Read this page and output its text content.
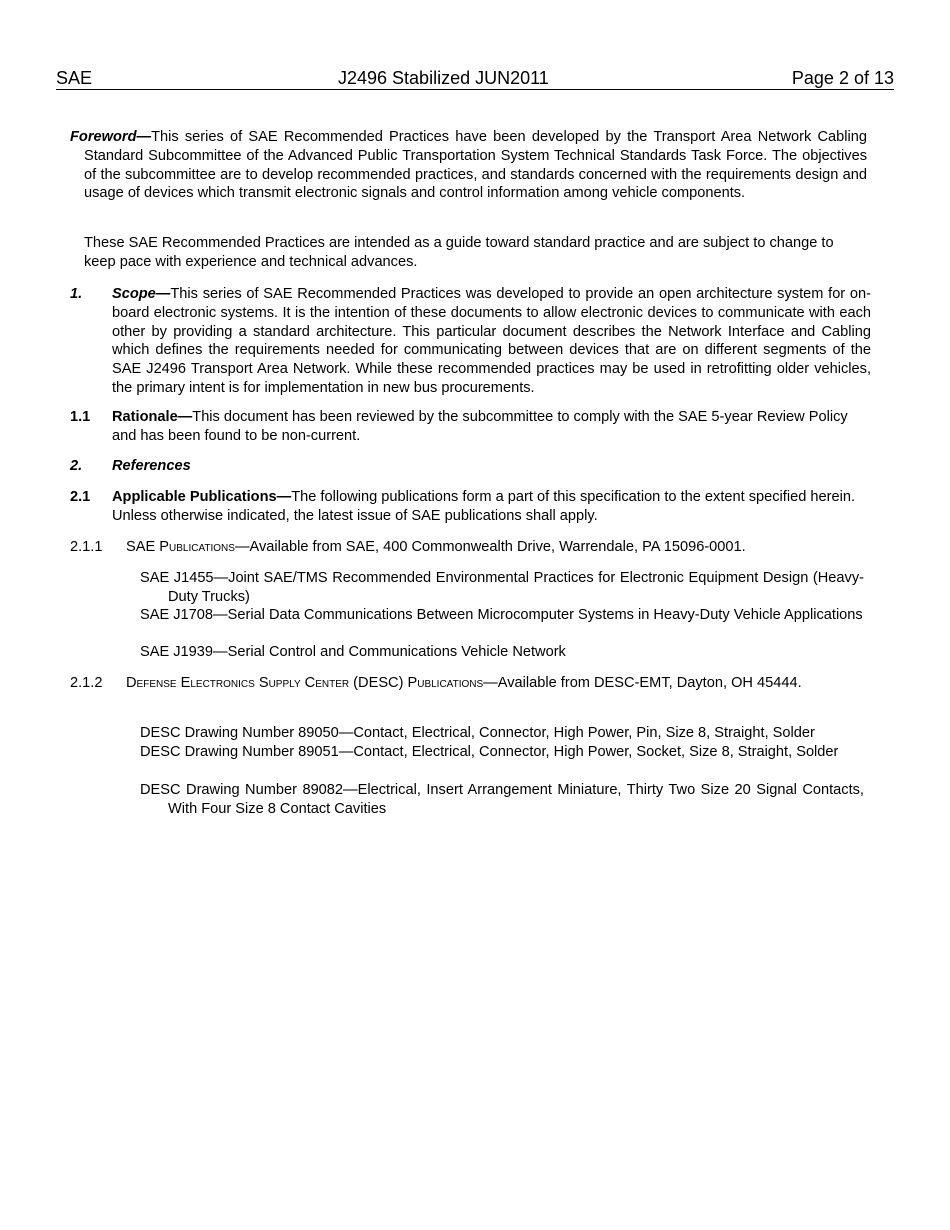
SAE	J2496 Stabilized JUN2011	Page 2 of 13
Foreword—This series of SAE Recommended Practices have been developed by the Transport Area Network Cabling Standard Subcommittee of the Advanced Public Transportation System Technical Standards Task Force. The objectives of the subcommittee are to develop recommended practices, and standards concerned with the requirements design and usage of devices which transmit electronic signals and control information among vehicle components.
These SAE Recommended Practices are intended as a guide toward standard practice and are subject to change to keep pace with experience and technical advances.
1. Scope—This series of SAE Recommended Practices was developed to provide an open architecture system for on-board electronic systems. It is the intention of these documents to allow electronic devices to communicate with each other by providing a standard architecture. This particular document describes the Network Interface and Cabling which defines the requirements needed for communicating between devices that are on different segments of the SAE J2496 Transport Area Network. While these recommended practices may be used in retrofitting older vehicles, the primary intent is for implementation in new bus procurements.
1.1 Rationale—This document has been reviewed by the subcommittee to comply with the SAE 5-year Review Policy and has been found to be non-current.
2. References
2.1 Applicable Publications—The following publications form a part of this specification to the extent specified herein. Unless otherwise indicated, the latest issue of SAE publications shall apply.
2.1.1 SAE Publications—Available from SAE, 400 Commonwealth Drive, Warrendale, PA 15096-0001.
SAE J1455—Joint SAE/TMS Recommended Environmental Practices for Electronic Equipment Design (Heavy-Duty Trucks)
SAE J1708—Serial Data Communications Between Microcomputer Systems in Heavy-Duty Vehicle Applications
SAE J1939—Serial Control and Communications Vehicle Network
2.1.2 Defense Electronics Supply Center (DESC) Publications—Available from DESC-EMT, Dayton, OH 45444.
DESC Drawing Number 89050—Contact, Electrical, Connector, High Power, Pin, Size 8, Straight, Solder
DESC Drawing Number 89051—Contact, Electrical, Connector, High Power, Socket, Size 8, Straight, Solder
DESC Drawing Number 89082—Electrical, Insert Arrangement Miniature, Thirty Two Size 20 Signal Contacts, With Four Size 8 Contact Cavities
